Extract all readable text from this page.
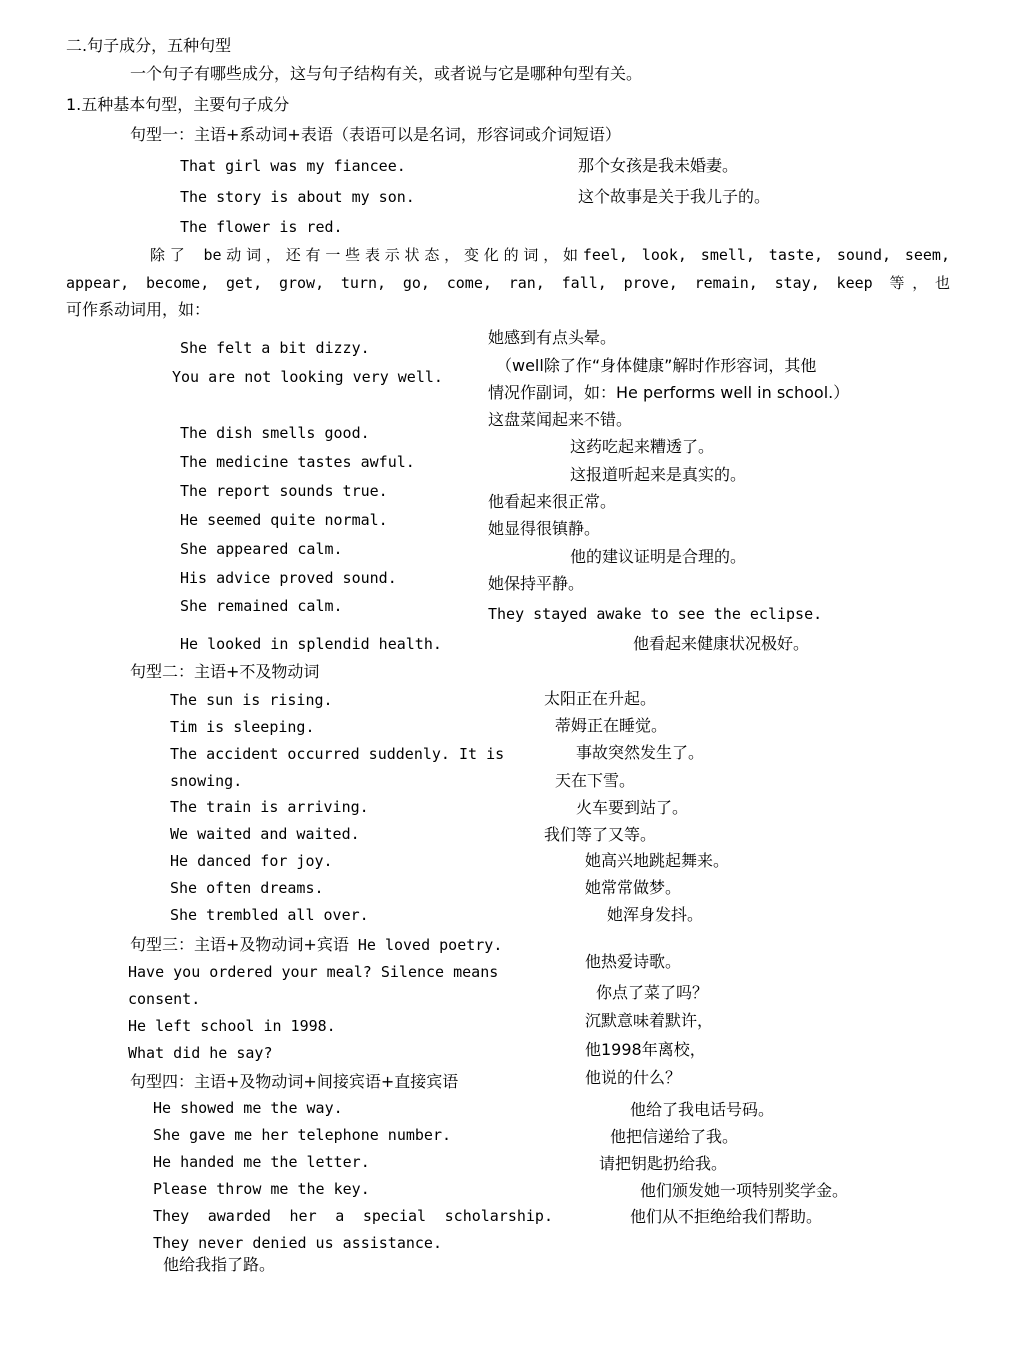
二.句子成分，五种句型
一个句子有哪些成分，这与句子结构有关，或者说与它是哪种句型有关。
1.五种基本句型，主要句子成分
句型一：主语+系动词+表语（表语可以是名词，形容词或介词短语）
That girl was my fiancee.	那个女孩是我未婚妻。
The story is about my son.	这个故事是关于我儿子的。
The flower is red.
除了 be动词，还有一些表示状态，变化的词，如feel, look, smell, taste, sound, seem,
appear, become, get, grow, turn, go, come, ran, fall, prove, remain, stay, keep 等，也
可作系动词用，如：
She felt a bit dizzy.
You are not looking very well.
The dish smells good.
The medicine tastes awful.
The report sounds true.
He seemed quite normal.
She appeared calm.
His advice proved sound.
She remained calm.
He looked in splendid health.
她感到有点头晕。
（well除了作“身体健康”解时作形容词，其他
情况作副词，如：He performs well in school.）
这盘菜闻起来不错。
这药吃起来糟透了。
这报道听起来是真实的。
他看起来很正常。
她显得很镇静。
他的建议证明是合理的。
她保持平静。
They stayed awake to see the eclipse.
他看起来健康状况极好。
句型二：主语+不及物动词
The sun is rising.
Tim is sleeping.
The accident occurred suddenly. It is
snowing.
The train is arriving.
We waited and waited.
He danced for joy.
She often dreams.
She trembled all over.
太阳正在升起。
蒂姆正在睡觉。
事故突然发生了。
天在下雪。
火车要到站了。
我们等了又等。
她高兴地跳起舞来。
她常常做梦。
她浑身发抖。
句型三：主语+及物动词+宾语 He loved poetry.
Have you ordered your meal? Silence means
consent.
He left school in 1998.
What did he say?
他热爱诗歌。
你点了菜了吗？
沉默意味着默许，
他1998年离校，
他说的什么？
句型四：主语+及物动词+间接宾语+直接宾语
He showed me the way.
She gave me her telephone number.
He handed me the letter.
Please throw me the key.
They awarded her a special scholarship.
They never denied us assistance.
他给我指了路。
他给了我电话号码。
他把信递给了我。
请把钥匙扔给我。
他们颁发她一项特别奖学金。
他们从不拒绝给我们帮助。
